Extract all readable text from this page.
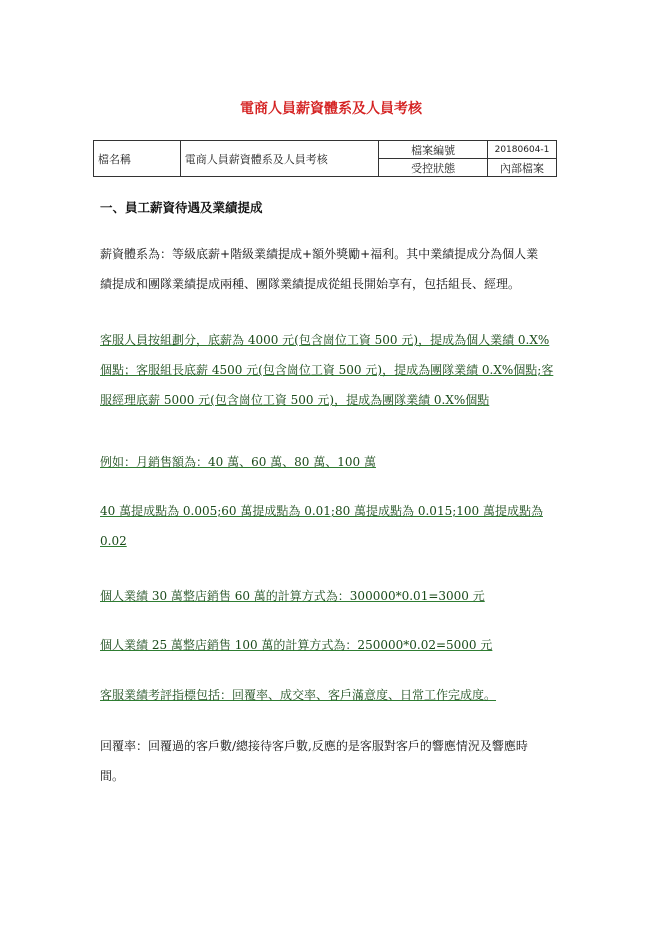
電商人員薪資體系及人員考核
檔名稱	電商人員薪資體系及人員考核	檔案編號	20180604-1
		受控狀態	內部檔案
一、員工薪資待遇及業績提成
薪資體系為：等級底薪+階級業績提成+額外獎勵+福利。其中業績提成分為個人業
績提成和團隊業績提成兩種、團隊業績提成從組長開始享有，包括組長、經理。
客服人員按組劃分，底薪為 4000 元(包含崗位工資 500 元)，提成為個人業績 0.X%
個點；客服組長底薪 4500 元(包含崗位工資 500 元)，提成為團隊業績 0.X%個點;客
服經理底薪 5000 元(包含崗位工資 500 元)，提成為團隊業績 0.X%個點
例如：月銷售額為：40 萬、60 萬、80 萬、100 萬
40 萬提成點為 0.005;60 萬提成點為 0.01;80 萬提成點為 0.015;100 萬提成點為
0.02
個人業績 30 萬整店銷售 60 萬的計算方式為：300000*0.01=3000 元
個人業績 25 萬整店銷售 100 萬的計算方式為：250000*0.02=5000 元
客服業績考評指標包括：回覆率、成交率、客戶滿意度、日常工作完成度。
回覆率：回覆過的客戶數/總接待客戶數,反應的是客服對客戶的響應情況及響應時
間。
